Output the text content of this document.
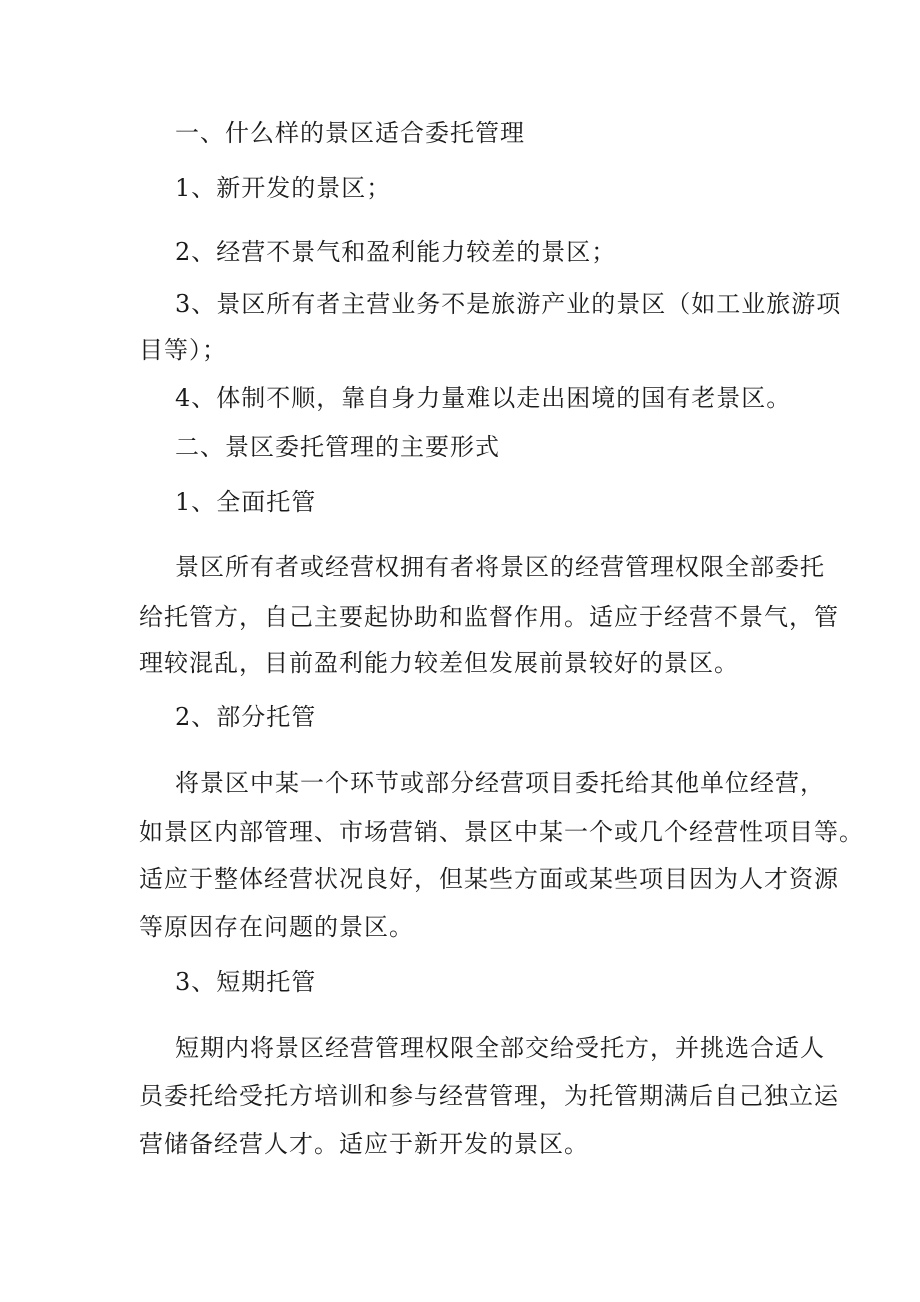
一、什么样的景区适合委托管理
1、新开发的景区；
2、经营不景气和盈利能力较差的景区；
3、景区所有者主营业务不是旅游产业的景区（如工业旅游项
目等）；
4、体制不顺，靠自身力量难以走出困境的国有老景区。
二、景区委托管理的主要形式
1、全面托管
景区所有者或经营权拥有者将景区的经营管理权限全部委托
给托管方，自己主要起协助和监督作用。适应于经营不景气，管
理较混乱，目前盈利能力较差但发展前景较好的景区。
2、部分托管
将景区中某一个环节或部分经营项目委托给其他单位经营，
如景区内部管理、市场营销、景区中某一个或几个经营性项目等。
适应于整体经营状况良好，但某些方面或某些项目因为人才资源
等原因存在问题的景区。
3、短期托管
短期内将景区经营管理权限全部交给受托方，并挑选合适人
员委托给受托方培训和参与经营管理，为托管期满后自己独立运
营储备经营人才。适应于新开发的景区。
